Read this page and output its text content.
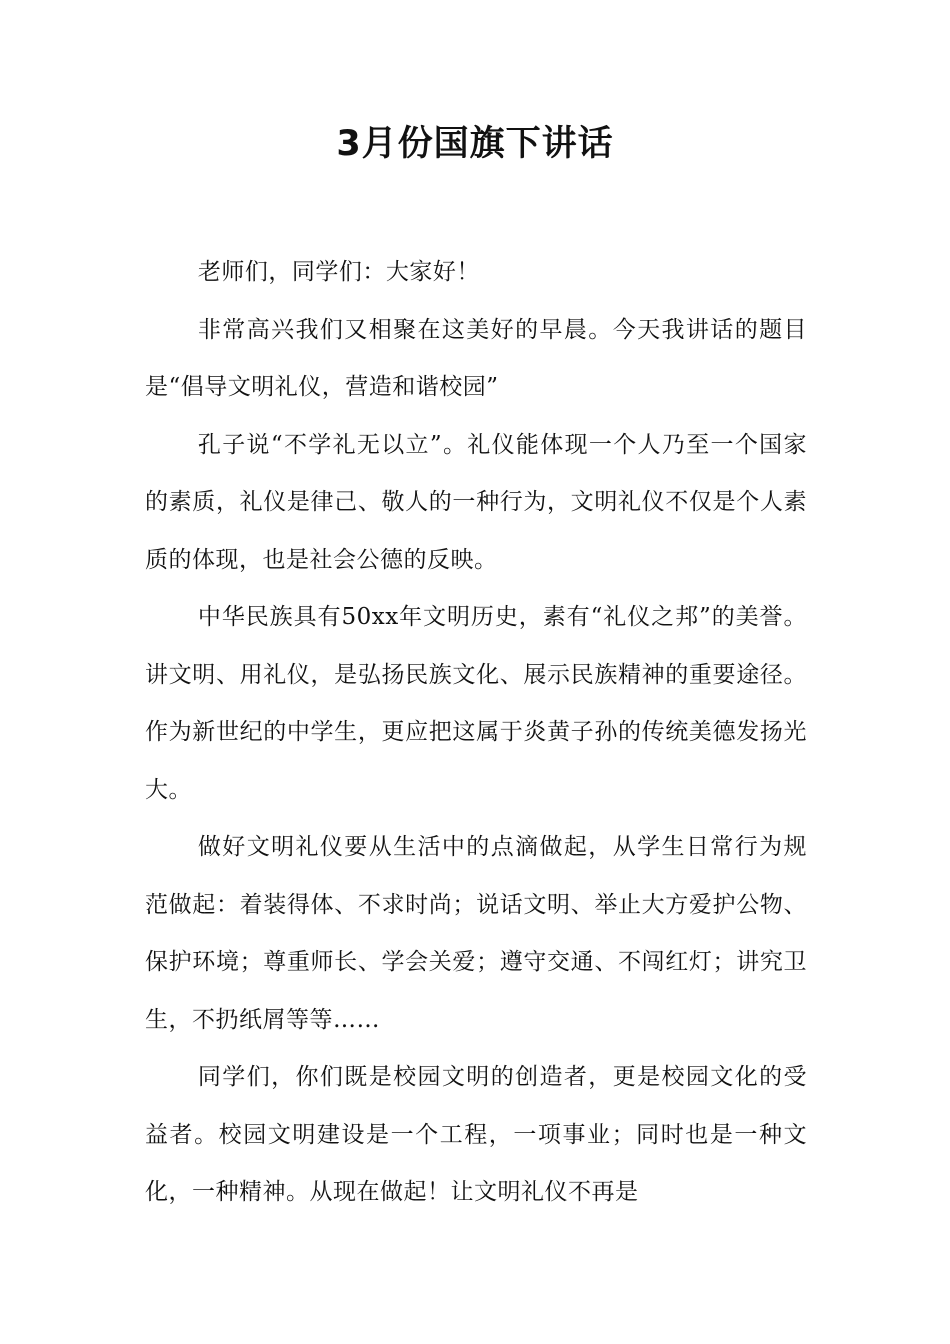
3月份国旗下讲话

老师们，同学们：大家好！

非常高兴我们又相聚在这美好的早晨。今天我讲话的题目是“倡导文明礼仪，营造和谐校园”

孔子说“不学礼无以立”。礼仪能体现一个人乃至一个国家的素质，礼仪是律己、敬人的一种行为，文明礼仪不仅是个人素质的体现，也是社会公德的反映。

中华民族具有50xx年文明历史，素有“礼仪之邦”的美誉。讲文明、用礼仪，是弘扬民族文化、展示民族精神的重要途径。作为新世纪的中学生，更应把这属于炎黄子孙的传统美德发扬光大。

做好文明礼仪要从生活中的点滴做起，从学生日常行为规范做起：着装得体、不求时尚；说话文明、举止大方爱护公物、保护环境；尊重师长、学会关爱；遵守交通、不闯红灯；讲究卫生，不扔纸屑等等……

同学们，你们既是校园文明的创造者，更是校园文化的受益者。校园文明建设是一个工程，一项事业；同时也是一种文化，一种精神。从现在做起！让文明礼仪不再是
